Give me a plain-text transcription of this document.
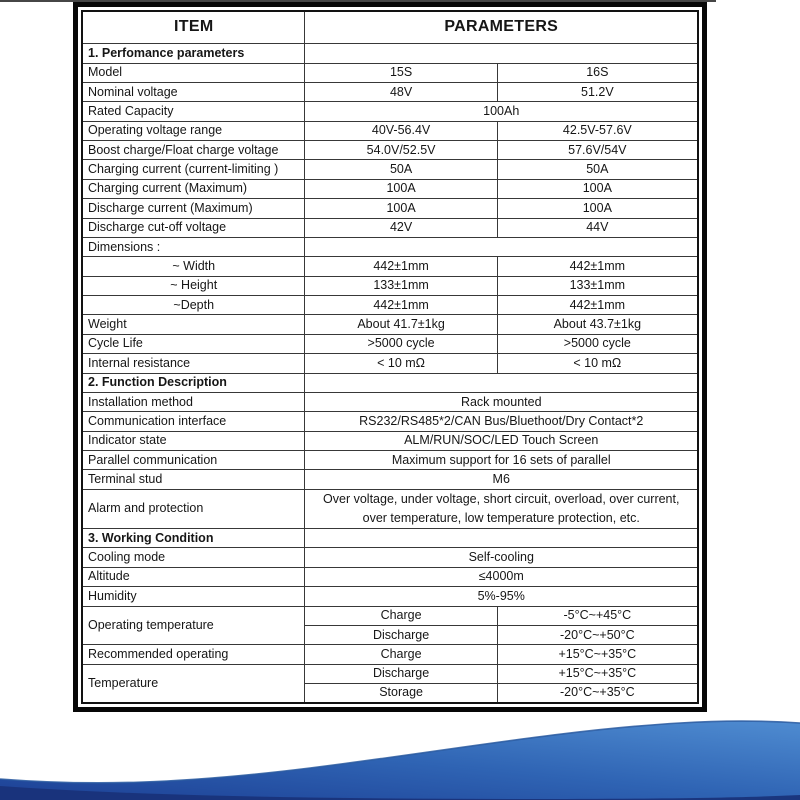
ITEM	PARAMETERS	
1. Perfomance parameters		
Model	15S	16S
Nominal voltage	48V	51.2V
Rated Capacity	100Ah	
Operating voltage range	40V-56.4V	42.5V-57.6V
Boost charge/Float charge voltage	54.0V/52.5V	57.6V/54V
Charging current (current-limiting )	50A	50A
Charging current (Maximum)	100A	100A
Discharge current (Maximum)	100A	100A
Discharge cut-off voltage	42V	44V
Dimensions :		
~ Width	442±1mm	442±1mm
~ Height	133±1mm	133±1mm
~Depth	442±1mm	442±1mm
Weight	About 41.7±1kg	About 43.7±1kg
Cycle Life	>5000 cycle	>5000 cycle
Internal resistance	< 10 mΩ	< 10 mΩ
2. Function Description		
Installation method	Rack mounted	
Communication interface	RS232/RS485*2/CAN Bus/Bluethoot/Dry Contact*2	
Indicator state	ALM/RUN/SOC/LED Touch Screen	
Parallel communication	Maximum support for 16 sets of parallel	
Terminal stud	M6	
Alarm and protection	Over voltage, under voltage, short circuit, overload, over current, over temperature, low temperature protection, etc.	
3. Working Condition		
Cooling mode	Self-cooling	
Altitude	≤4000m	
Humidity	5%-95%	
Operating temperature	Charge	-5°C~+45°C
	Discharge	-20°C~+50°C
Recommended operating	Charge	+15°C~+35°C
Temperature	Discharge	+15°C~+35°C
	Storage	-20°C~+35°C
